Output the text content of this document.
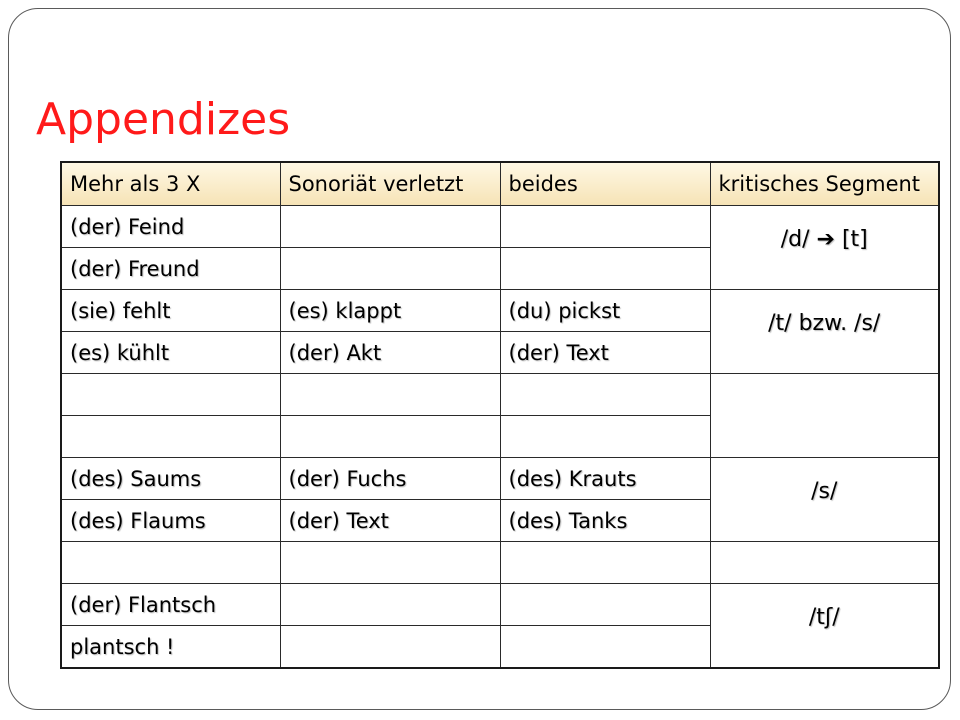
Appendizes
Mehr als 3 X	Sonoriät verletzt	beides	kritisches Segment
(der) Feind			/d/ ➔ [t]
(der) Freund			
(sie) fehlt	(es) klappt	(du) pickst	/t/ bzw. /s/
(es) kühlt	(der) Akt	(der) Text	

(des) Saums	(der) Fuchs	(des) Krauts	/s/
(des) Flaums	(der) Text	(des) Tanks	

(der) Flantsch			/tʃ/
plantsch !			
